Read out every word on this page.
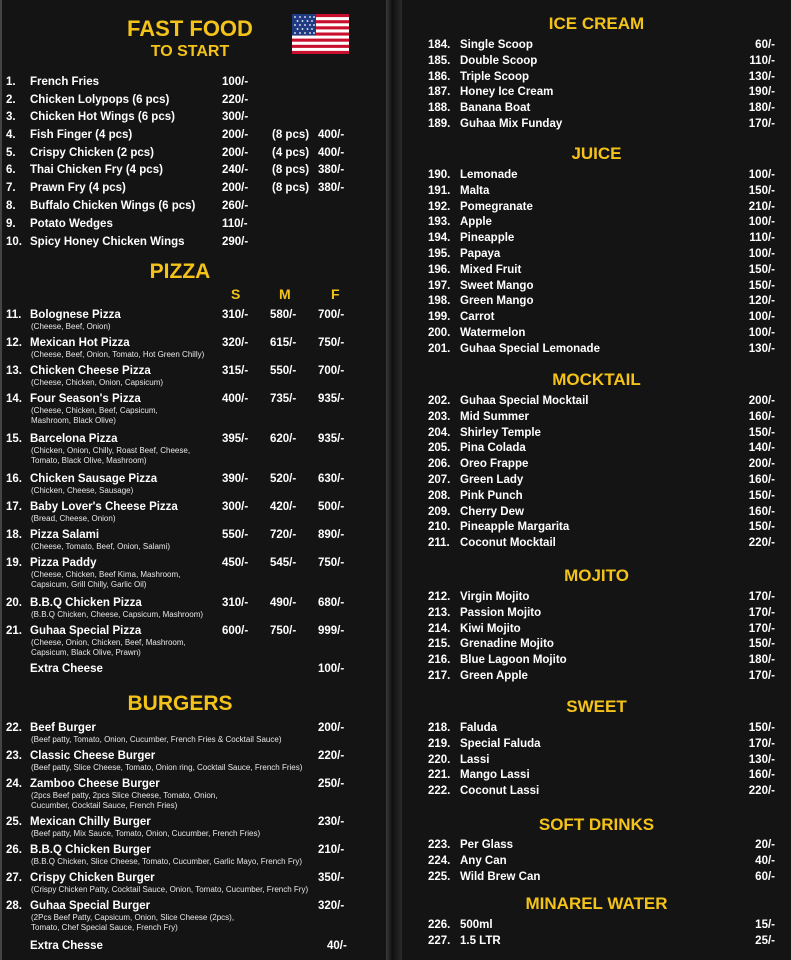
FAST FOOD
TO START
1. French Fries	100/-
2. Chicken Lolypops (6 pcs)	220/-
3. Chicken Hot Wings (6 pcs)	300/-
4. Fish Finger (4 pcs)	200/- (8 pcs) 400/-
5. Crispy Chicken (2 pcs)	200/- (4 pcs) 400/-
6. Thai Chicken Fry (4 pcs)	240/- (8 pcs) 380/-
7. Prawn Fry (4 pcs)	200/- (8 pcs) 380/-
8. Buffalo Chicken Wings (6 pcs) 260/-
9. Potato Wedges	110/-
10. Spicy Honey Chicken Wings	290/-
PIZZA
S	M	F
11. Bolognese Pizza	310/- 580/- 700/-
(Cheese, Beef, Onion)
12. Mexican Hot Pizza	320/- 615/- 750/-
(Cheese, Beef, Onion, Tomato, Hot Green Chilly)
13. Chicken Cheese Pizza	315/- 550/- 700/-
(Cheese, Chicken, Onion, Capsicum)
14. Four Season's Pizza	400/- 735/- 935/-
(Cheese, Chicken, Beef, Capsicum,
Mashroom, Black Olive)
15. Barcelona Pizza	395/- 620/- 935/-
(Chicken, Onion, Chilly, Roast Beef, Cheese,
Tomato, Black Olive, Mashroom)
16. Chicken Sausage Pizza	390/- 520/- 630/-
(Chicken, Cheese, Sausage)
17. Baby Lover's Cheese Pizza	300/- 420/- 500/-
(Bread, Cheese, Onion)
18. Pizza Salami	550/- 720/- 890/-
(Cheese, Tomato, Beef, Onion, Salami)
19. Pizza Paddy	450/- 545/- 750/-
(Cheese, Chicken, Beef Kima, Mashroom,
Capsicum, Grill Chilly, Garlic Oil)
20. B.B.Q Chicken Pizza	310/- 490/- 680/-
(B.B.Q Chicken, Cheese, Capsicum, Mashroom)
21. Guhaa Special Pizza	600/- 750/- 999/-
(Cheese, Onion, Chicken, Beef, Mashroom,
Capsicum, Black Olive, Prawn)
Extra Cheese	100/-
BURGERS
22. Beef Burger	200/-
(Beef patty, Tomato, Onion, Cucumber, French Fries & Cocktail Sauce)
23. Classic Cheese Burger	220/-
(Beef patty, Slice Cheese, Tomato, Onion ring, Cocktail Sauce, French Fries)
24. Zamboo Cheese Burger	250/-
(2pcs Beef patty, 2pcs Slice Cheese, Tomato, Onion,
Cucumber, Cocktail Sauce, French Fries)
25. Mexican Chilly Burger	230/-
(Beef patty, Mix Sauce, Tomato, Onion, Cucumber, French Fries)
26. B.B.Q Chicken Burger	210/-
(B.B.Q Chicken, Slice Cheese, Tomato, Cucumber, Garlic Mayo, French Fry)
27. Crispy Chicken Burger	350/-
(Crispy Chicken Patty, Cocktail Sauce, Onion, Tomato, Cucumber, French Fry)
28. Guhaa Special Burger	320/-
(2Pcs Beef Patty, Capsicum, Onion, Slice Cheese (2pcs),
Tomato, Chef Special Sauce, French Fry)
Extra Chesse	40/-
ICE CREAM
184. Single Scoop	60/-
185. Double Scoop	110/-
186. Triple Scoop	130/-
187. Honey Ice Cream	190/-
188. Banana Boat	180/-
189. Guhaa Mix Funday	170/-
JUICE
190. Lemonade	100/-
191. Malta	150/-
192. Pomegranate	210/-
193. Apple	100/-
194. Pineapple	110/-
195. Papaya	100/-
196. Mixed Fruit	150/-
197. Sweet Mango	150/-
198. Green Mango	120/-
199. Carrot	100/-
200. Watermelon	100/-
201. Guhaa Special Lemonade	130/-
MOCKTAIL
202. Guhaa Special Mocktail	200/-
203. Mid Summer	160/-
204. Shirley Temple	150/-
205. Pina Colada	140/-
206. Oreo Frappe	200/-
207. Green Lady	160/-
208. Pink Punch	150/-
209. Cherry Dew	160/-
210. Pineapple Margarita	150/-
211. Coconut Mocktail	220/-
MOJITO
212. Virgin Mojito	170/-
213. Passion Mojito	170/-
214. Kiwi Mojito	170/-
215. Grenadine Mojito	150/-
216. Blue Lagoon Mojito	180/-
217. Green Apple	170/-
SWEET
218. Faluda	150/-
219. Special Faluda	170/-
220. Lassi	130/-
221. Mango Lassi	160/-
222. Coconut Lassi	220/-
SOFT DRINKS
223. Per Glass	20/-
224. Any Can	40/-
225. Wild Brew Can	60/-
MINAREL WATER
226. 500ml	15/-
227. 1.5 LTR	25/-
